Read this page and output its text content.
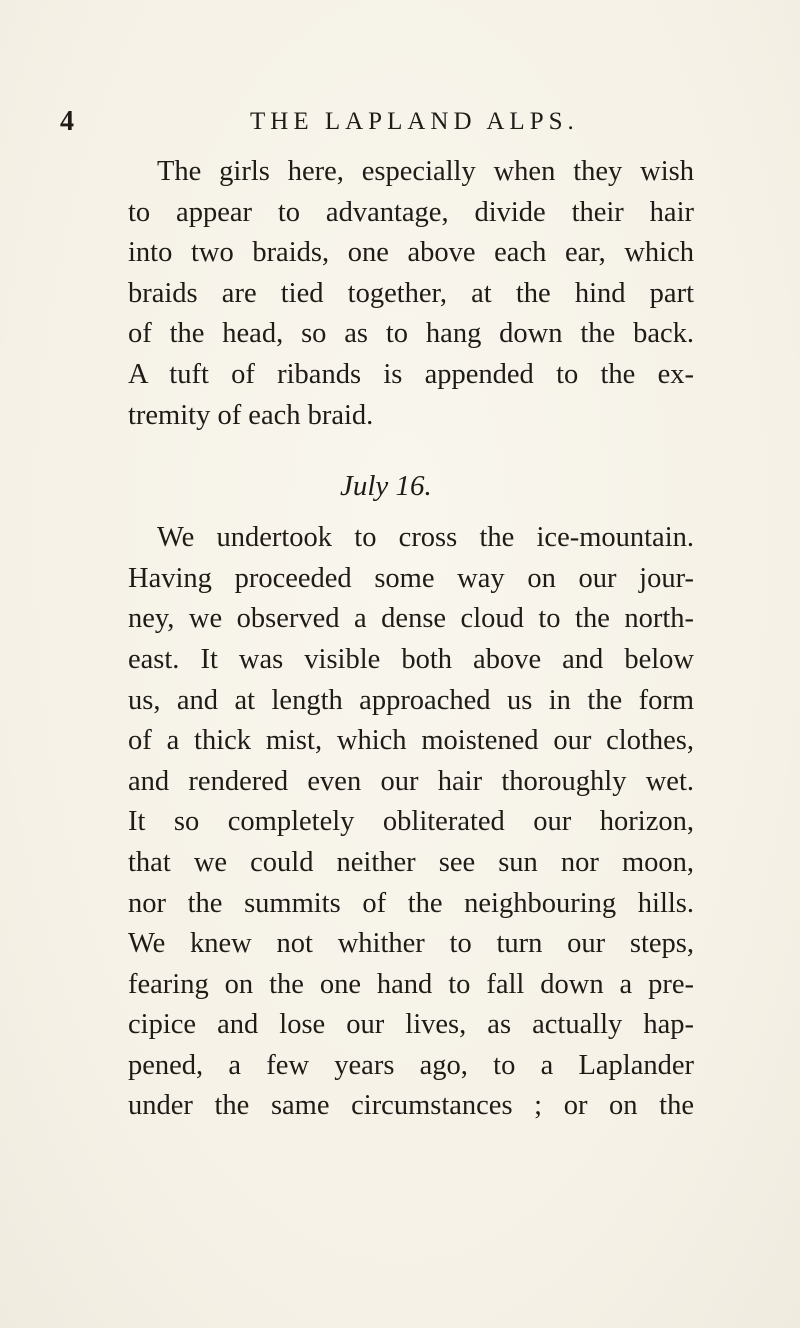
4	THE LAPLAND ALPS.
The girls here, especially when they wish
to appear to advantage, divide their hair
into two braids, one above each ear, which
braids are tied together, at the hind part
of the head, so as to hang down the back.
A tuft of ribands is appended to the ex-
tremity of each braid.
July 16.
We undertook to cross the ice-mountain.
Having proceeded some way on our jour-
ney, we observed a dense cloud to the north-
east. It was visible both above and below
us, and at length approached us in the form
of a thick mist, which moistened our clothes,
and rendered even our hair thoroughly wet.
It so completely obliterated our horizon,
that we could neither see sun nor moon,
nor the summits of the neighbouring hills.
We knew not whither to turn our steps,
fearing on the one hand to fall down a pre-
cipice and lose our lives, as actually hap-
pened, a few years ago, to a Laplander
under the same circumstances ; or on the
